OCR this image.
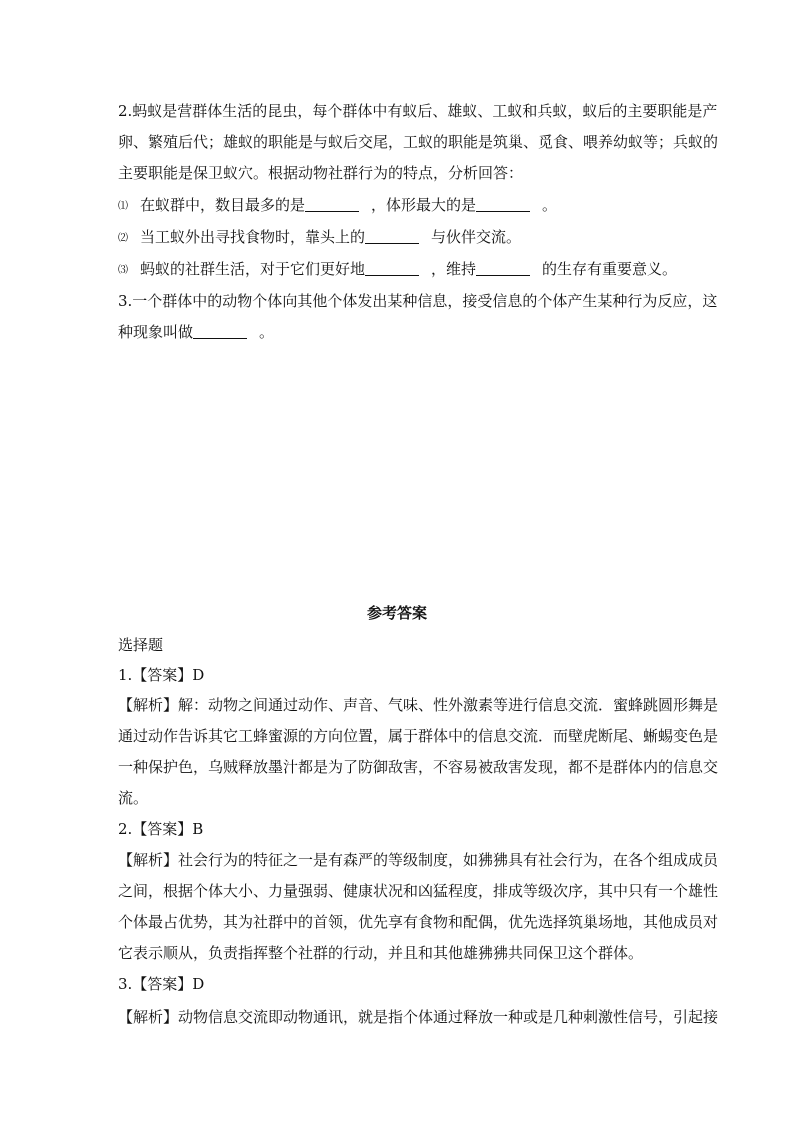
2.蚂蚁是营群体生活的昆虫，每个群体中有蚁后、雄蚁、工蚁和兵蚁，蚁后的主要职能是产
卵、繁殖后代；雄蚁的职能是与蚁后交尾，工蚁的职能是筑巢、觅食、喂养幼蚁等；兵蚁的
主要职能是保卫蚁穴。根据动物社群行为的特点，分析回答：
⑴ 在蚁群中，数目最多的是	，体形最大的是	。
⑵ 当工蚁外出寻找食物时，靠头上的	与伙伴交流。
⑶ 蚂蚁的社群生活，对于它们更好地	，维持	的生存有重要意义。
3.一个群体中的动物个体向其他个体发出某种信息，接受信息的个体产生某种行为反应，这
种现象叫做	。
参考答案
选择题
1.【答案】D
【解析】解：动物之间通过动作、声音、气味、性外激素等进行信息交流．蜜蜂跳圆形舞是
通过动作告诉其它工蜂蜜源的方向位置，属于群体中的信息交流．而壁虎断尾、蜥蜴变色是
一种保护色，乌贼释放墨汁都是为了防御敌害，不容易被敌害发现，都不是群体内的信息交
流。
2.【答案】B
【解析】社会行为的特征之一是有森严的等级制度，如狒狒具有社会行为，在各个组成成员
之间，根据个体大小、力量强弱、健康状况和凶猛程度，排成等级次序，其中只有一个雄性
个体最占优势，其为社群中的首领，优先享有食物和配偶，优先选择筑巢场地，其他成员对
它表示顺从，负责指挥整个社群的行动，并且和其他雄狒狒共同保卫这个群体。
3.【答案】D
【解析】动物信息交流即动物通讯，就是指个体通过释放一种或是几种刺激性信号，引起接
